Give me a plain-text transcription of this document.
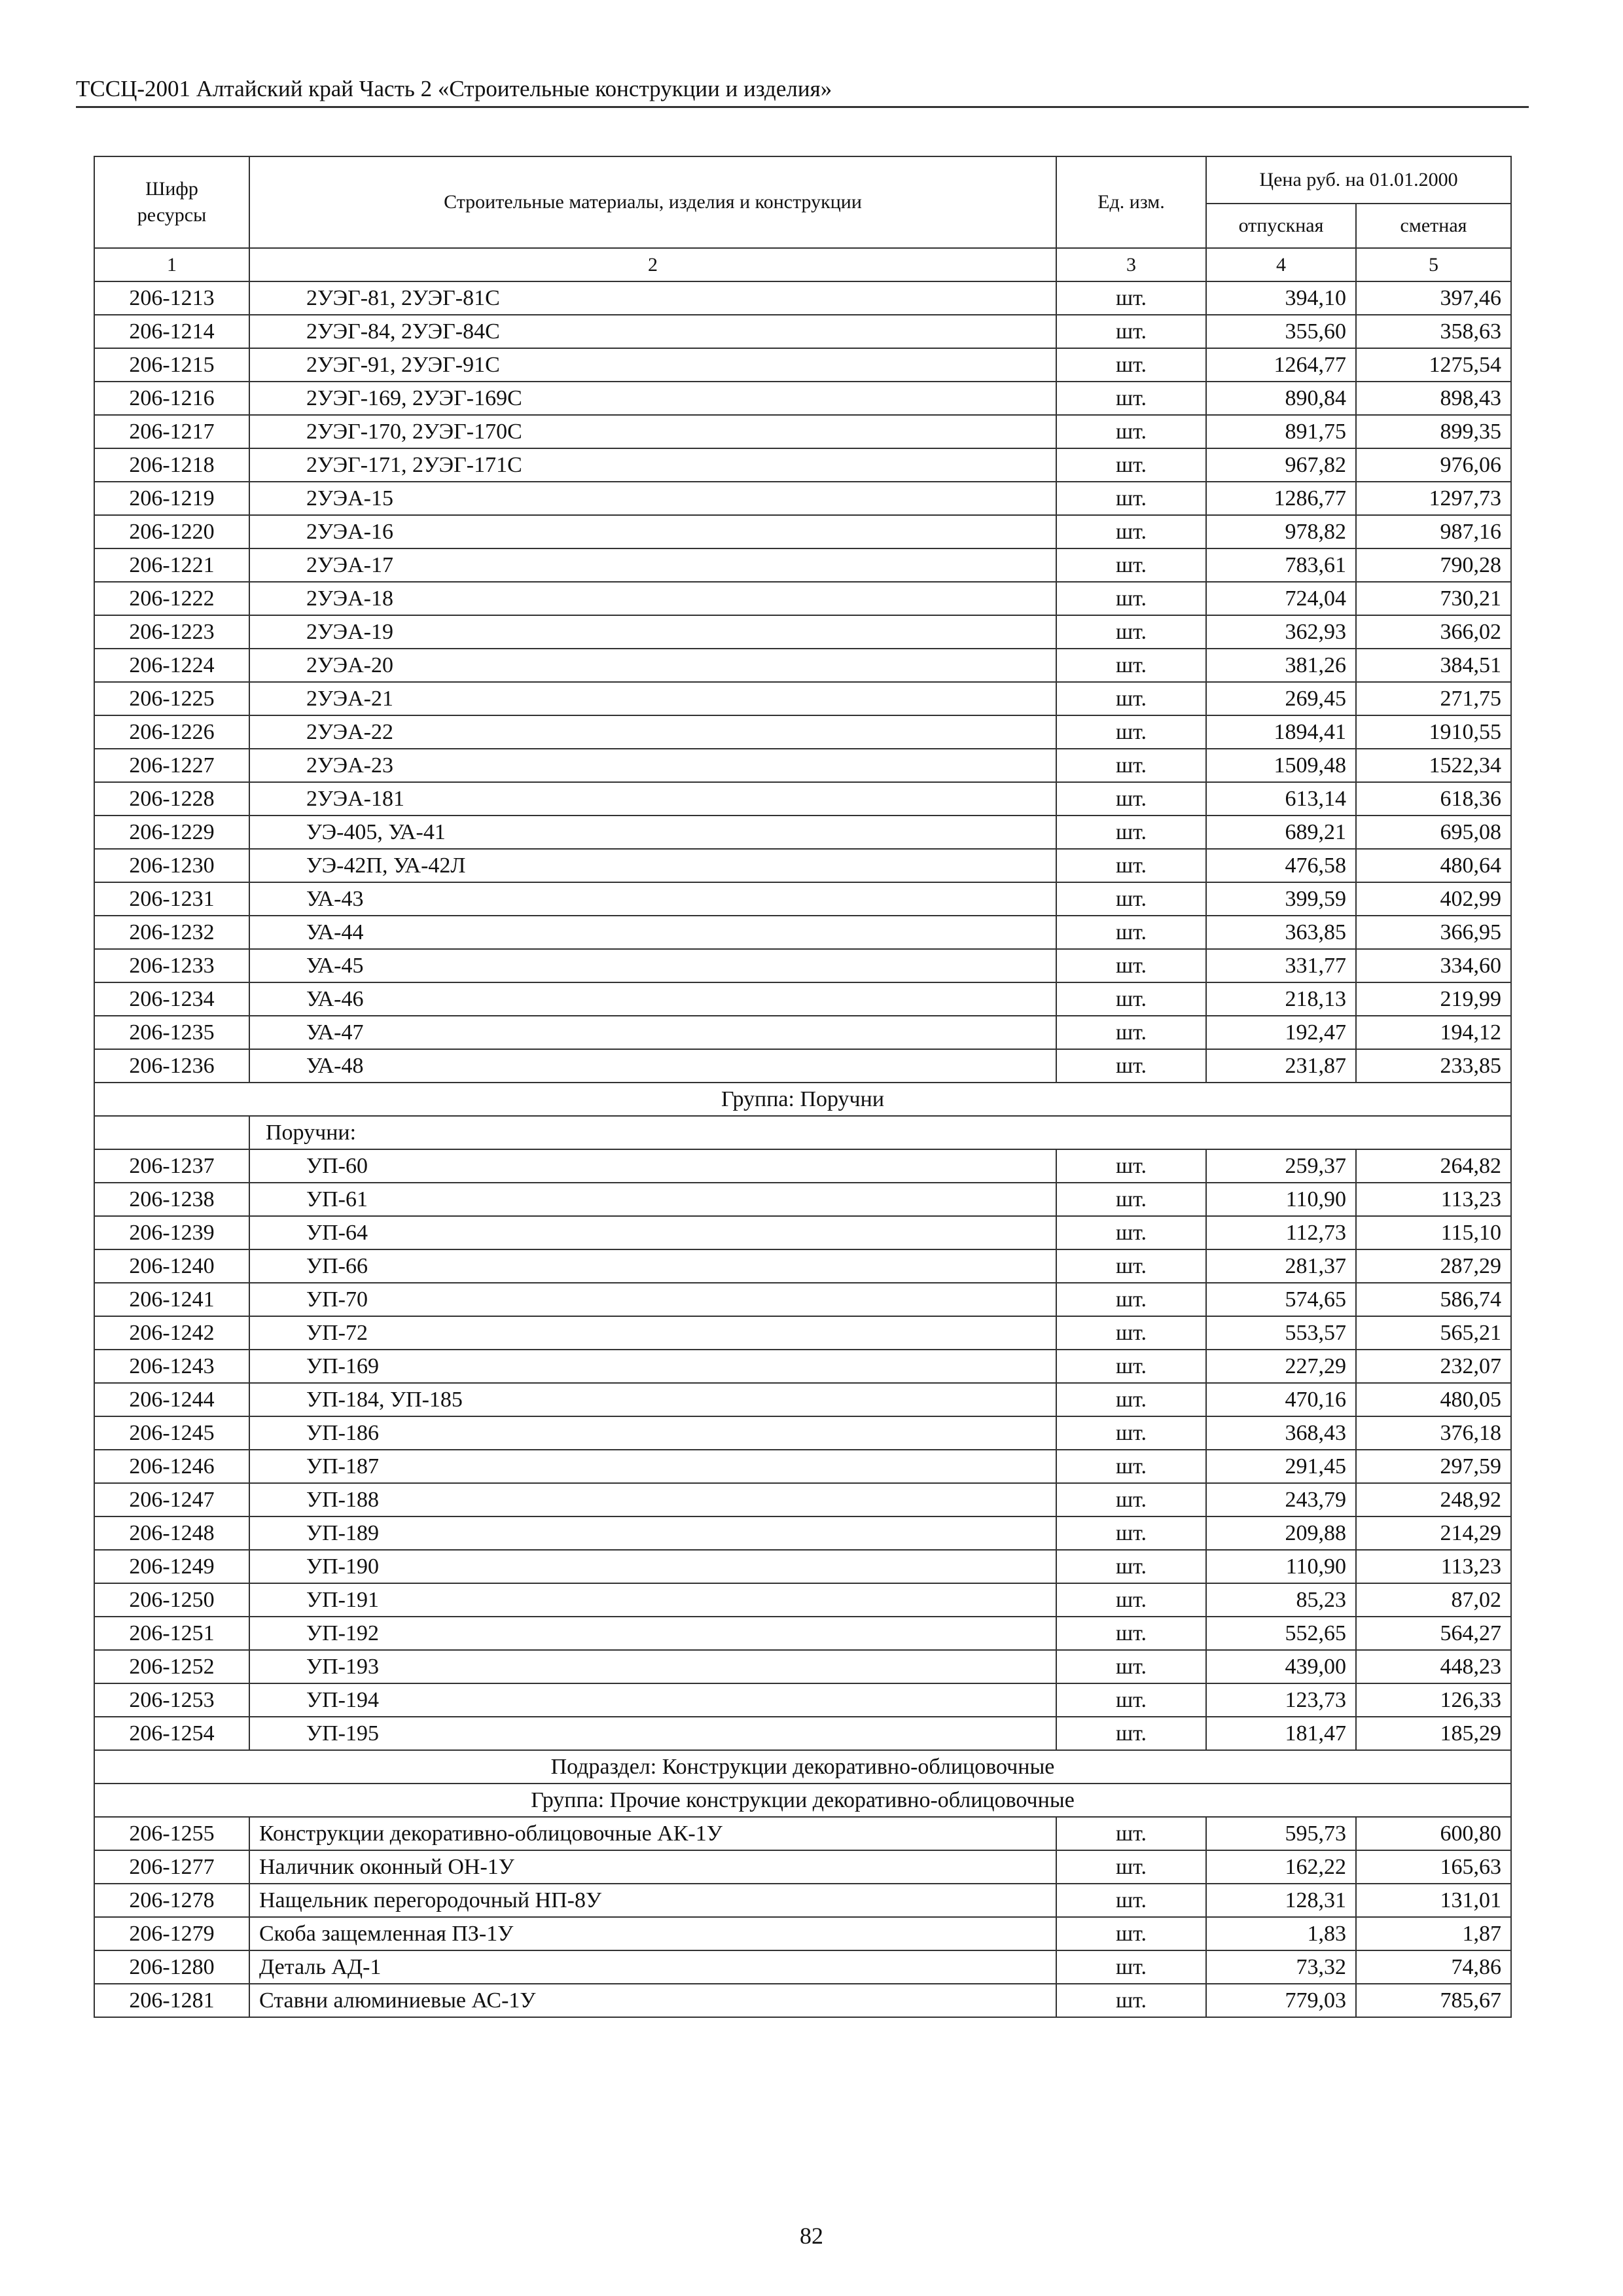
ТССЦ-2001 Алтайский край Часть 2 «Строительные конструкции и изделия»
Шифр ресурсы	Строительные материалы, изделия и конструкции	Ед. изм.	Цена руб. на 01.01.2000	
			отпускная	сметная
1	2	3	4	5
206-1213	2УЭГ-81, 2УЭГ-81С	шт.	394,10	397,46
206-1214	2УЭГ-84, 2УЭГ-84С	шт.	355,60	358,63
206-1215	2УЭГ-91, 2УЭГ-91С	шт.	1264,77	1275,54
206-1216	2УЭГ-169, 2УЭГ-169С	шт.	890,84	898,43
206-1217	2УЭГ-170, 2УЭГ-170С	шт.	891,75	899,35
206-1218	2УЭГ-171, 2УЭГ-171С	шт.	967,82	976,06
206-1219	2УЭА-15	шт.	1286,77	1297,73
206-1220	2УЭА-16	шт.	978,82	987,16
206-1221	2УЭА-17	шт.	783,61	790,28
206-1222	2УЭА-18	шт.	724,04	730,21
206-1223	2УЭА-19	шт.	362,93	366,02
206-1224	2УЭА-20	шт.	381,26	384,51
206-1225	2УЭА-21	шт.	269,45	271,75
206-1226	2УЭА-22	шт.	1894,41	1910,55
206-1227	2УЭА-23	шт.	1509,48	1522,34
206-1228	2УЭА-181	шт.	613,14	618,36
206-1229	УЭ-405, УА-41	шт.	689,21	695,08
206-1230	УЭ-42П, УА-42Л	шт.	476,58	480,64
206-1231	УА-43	шт.	399,59	402,99
206-1232	УА-44	шт.	363,85	366,95
206-1233	УА-45	шт.	331,77	334,60
206-1234	УА-46	шт.	218,13	219,99
206-1235	УА-47	шт.	192,47	194,12
206-1236	УА-48	шт.	231,87	233,85
Группа: Поручни				
	Поручни:			
206-1237	УП-60	шт.	259,37	264,82
206-1238	УП-61	шт.	110,90	113,23
206-1239	УП-64	шт.	112,73	115,10
206-1240	УП-66	шт.	281,37	287,29
206-1241	УП-70	шт.	574,65	586,74
206-1242	УП-72	шт.	553,57	565,21
206-1243	УП-169	шт.	227,29	232,07
206-1244	УП-184, УП-185	шт.	470,16	480,05
206-1245	УП-186	шт.	368,43	376,18
206-1246	УП-187	шт.	291,45	297,59
206-1247	УП-188	шт.	243,79	248,92
206-1248	УП-189	шт.	209,88	214,29
206-1249	УП-190	шт.	110,90	113,23
206-1250	УП-191	шт.	85,23	87,02
206-1251	УП-192	шт.	552,65	564,27
206-1252	УП-193	шт.	439,00	448,23
206-1253	УП-194	шт.	123,73	126,33
206-1254	УП-195	шт.	181,47	185,29
Подраздел: Конструкции декоративно-облицовочные				
Группа: Прочие конструкции декоративно-облицовочные				
206-1255	Конструкции декоративно-облицовочные АК-1У	шт.	595,73	600,80
206-1277	Наличник оконный ОН-1У	шт.	162,22	165,63
206-1278	Нащельник перегородочный НП-8У	шт.	128,31	131,01
206-1279	Скоба защемленная ПЗ-1У	шт.	1,83	1,87
206-1280	Деталь АД-1	шт.	73,32	74,86
206-1281	Ставни алюминиевые АС-1У	шт.	779,03	785,67
82
